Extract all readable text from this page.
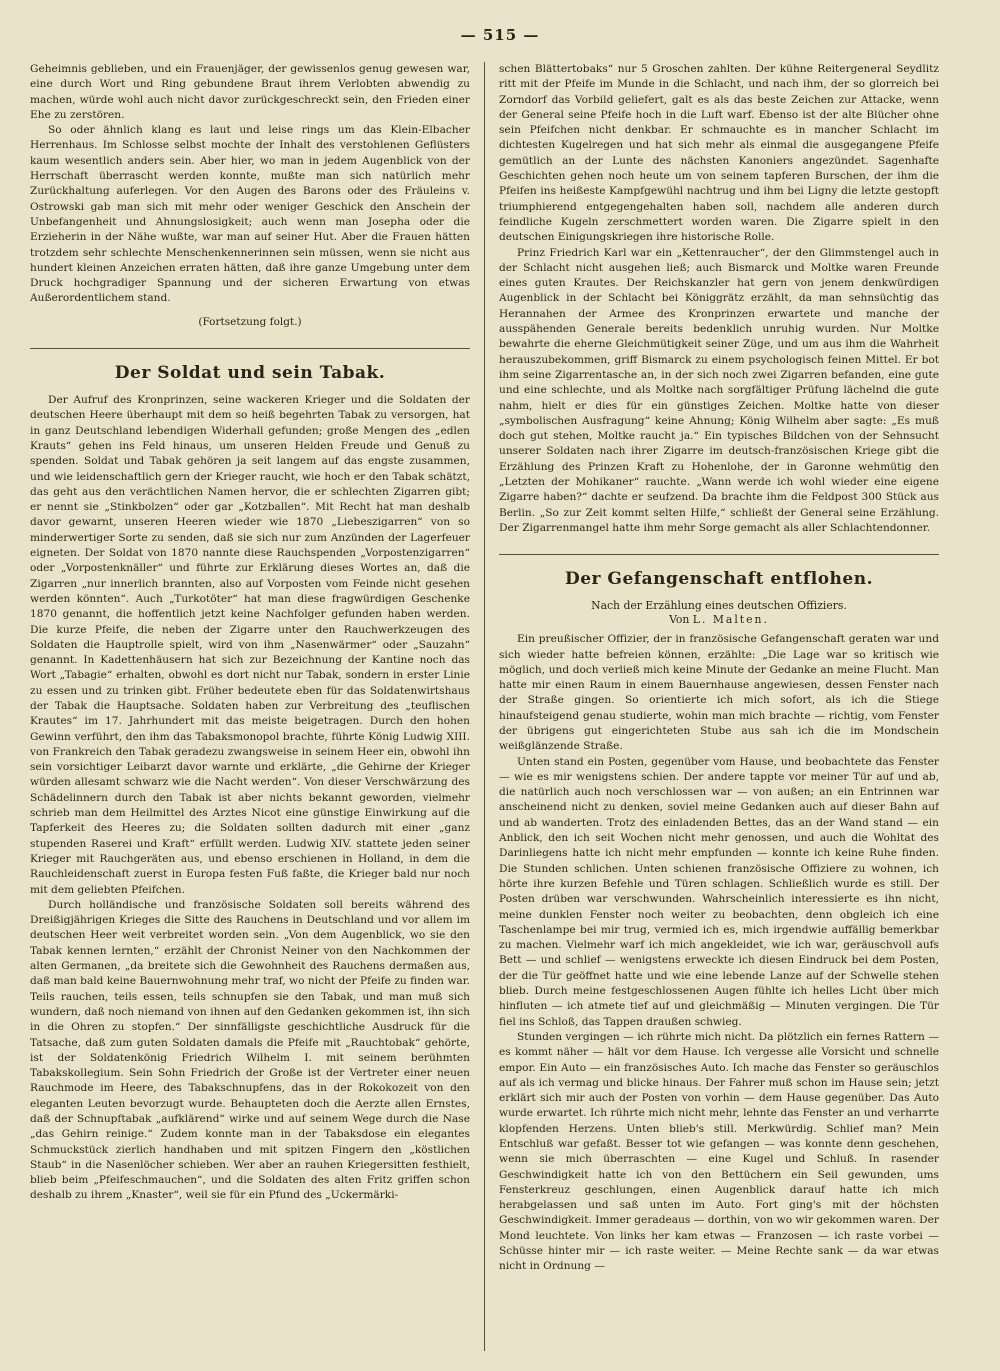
— 515 —

Geheimnis geblieben, und ein Frauenjäger, der gewissenlos genug gewesen war, eine durch Wort und Ring gebundene Braut ihrem Verlobten abwendig zu machen, würde wohl auch nicht davor zurückgeschreckt sein, den Frieden einer Ehe zu zerstören.

So oder ähnlich klang es laut und leise rings um das Klein-Elbacher Herrenhaus. Im Schlosse selbst mochte der Inhalt des verstohlenen Geflüsters kaum wesentlich anders sein. Aber hier, wo man in jedem Augenblick von der Herrschaft überrascht werden konnte, mußte man sich natürlich mehr Zurückhaltung auferlegen. Vor den Augen des Barons oder des Fräuleins v. Ostrowski gab man sich mit mehr oder weniger Geschick den Anschein der Unbefangenheit und Ahnungslosigkeit; auch wenn man Josepha oder die Erzieherin in der Nähe wußte, war man auf seiner Hut. Aber die Frauen hätten trotzdem sehr schlechte Menschenkennerinnen sein müssen, wenn sie nicht aus hundert kleinen Anzeichen erraten hätten, daß ihre ganze Umgebung unter dem Druck hochgradiger Spannung und der sicheren Erwartung von etwas Außerordentlichem stand.

(Fortsetzung folgt.)

Der Soldat und sein Tabak.

Der Aufruf des Kronprinzen, seine wackeren Krieger und die Soldaten der deutschen Heere überhaupt mit dem so heiß begehrten Tabak zu versorgen, hat in ganz Deutschland lebendigen Widerhall gefunden; große Mengen des „edlen Krauts“ gehen ins Feld hinaus, um unseren Helden Freude und Genuß zu spenden. Soldat und Tabak gehören ja seit langem auf das engste zusammen, und wie leidenschaftlich gern der Krieger raucht, wie hoch er den Tabak schätzt, das geht aus den verächtlichen Namen hervor, die er schlechten Zigarren gibt; er nennt sie „Stinkbolzen“ oder gar „Kotzballen“. Mit Recht hat man deshalb davor gewarnt, unseren Heeren wieder wie 1870 „Liebeszigarren“ von so minderwertiger Sorte zu senden, daß sie sich nur zum Anzünden der Lagerfeuer eigneten. Der Soldat von 1870 nannte diese Rauchspenden „Vorpostenzigarren“ oder „Vorpostenknäller“ und führte zur Erklärung dieses Wortes an, daß die Zigarren „nur innerlich brannten, also auf Vorposten vom Feinde nicht gesehen werden könnten“. Auch „Turkotöter“ hat man diese fragwürdigen Geschenke 1870 genannt, die hoffentlich jetzt keine Nachfolger gefunden haben werden. Die kurze Pfeife, die neben der Zigarre unter den Rauchwerkzeugen des Soldaten die Hauptrolle spielt, wird von ihm „Nasenwärmer“ oder „Sauzahn“ genannt. In Kadettenhäusern hat sich zur Bezeichnung der Kantine noch das Wort „Tabagie“ erhalten, obwohl es dort nicht nur Tabak, sondern in erster Linie zu essen und zu trinken gibt. Früher bedeutete eben für das Soldatenwirtshaus der Tabak die Hauptsache. Soldaten haben zur Verbreitung des „teuflischen Krautes“ im 17. Jahrhundert mit das meiste beigetragen. Durch den hohen Gewinn verführt, den ihm das Tabaksmonopol brachte, führte König Ludwig XIII. von Frankreich den Tabak geradezu zwangsweise in seinem Heer ein, obwohl ihn sein vorsichtiger Leibarzt davor warnte und erklärte, „die Gehirne der Krieger würden allesamt schwarz wie die Nacht werden“. Von dieser Verschwärzung des Schädelinnern durch den Tabak ist aber nichts bekannt geworden, vielmehr schrieb man dem Heilmittel des Arztes Nicot eine günstige Einwirkung auf die Tapferkeit des Heeres zu; die Soldaten sollten dadurch mit einer „ganz stupenden Raserei und Kraft“ erfüllt werden. Ludwig XIV. stattete jeden seiner Krieger mit Rauchgeräten aus, und ebenso erschienen in Holland, in dem die Rauchleidenschaft zuerst in Europa festen Fuß faßte, die Krieger bald nur noch mit dem geliebten Pfeifchen.

Durch holländische und französische Soldaten soll bereits während des Dreißigjährigen Krieges die Sitte des Rauchens in Deutschland und vor allem im deutschen Heer weit verbreitet worden sein. „Von dem Augenblick, wo sie den Tabak kennen lernten,“ erzählt der Chronist Neiner von den Nachkommen der alten Germanen, „da breitete sich die Gewohnheit des Rauchens dermaßen aus, daß man bald keine Bauernwohnung mehr traf, wo nicht der Pfeife zu finden war. Teils rauchen, teils essen, teils schnupfen sie den Tabak, und man muß sich wundern, daß noch niemand von ihnen auf den Gedanken gekommen ist, ihn sich in die Ohren zu stopfen.“ Der sinnfälligste geschichtliche Ausdruck für die Tatsache, daß zum guten Soldaten damals die Pfeife mit „Rauchtobak“ gehörte, ist der Soldatenkönig Friedrich Wilhelm I. mit seinem berühmten Tabakskollegium. Sein Sohn Friedrich der Große ist der Vertreter einer neuen Rauchmode im Heere, des Tabakschnupfens, das in der Rokokozeit von den eleganten Leuten bevorzugt wurde. Behaupteten doch die Aerzte allen Ernstes, daß der Schnupftabak „aufklärend“ wirke und auf seinem Wege durch die Nase „das Gehirn reinige.“ Zudem konnte man in der Tabaksdose ein elegantes Schmuckstück zierlich handhaben und mit spitzen Fingern den „köstlichen Staub“ in die Nasenlöcher schieben. Wer aber an rauhen Kriegersitten festhielt, blieb beim „Pfeifeschmauchen“, und die Soldaten des alten Fritz griffen schon deshalb zu ihrem „Knaster“, weil sie für ein Pfund des „Uckermärki-

schen Blättertobaks“ nur 5 Groschen zahlten. Der kühne Reitergeneral Seydlitz ritt mit der Pfeife im Munde in die Schlacht, und nach ihm, der so glorreich bei Zorndorf das Vorbild geliefert, galt es als das beste Zeichen zur Attacke, wenn der General seine Pfeife hoch in die Luft warf. Ebenso ist der alte Blücher ohne sein Pfeifchen nicht denkbar. Er schmauchte es in mancher Schlacht im dichtesten Kugelregen und hat sich mehr als einmal die ausgegangene Pfeife gemütlich an der Lunte des nächsten Kanoniers angezündet. Sagenhafte Geschichten gehen noch heute um von seinem tapferen Burschen, der ihm die Pfeifen ins heißeste Kampfgewühl nachtrug und ihm bei Ligny die letzte gestopft triumphierend entgegengehalten haben soll, nachdem alle anderen durch feindliche Kugeln zerschmettert worden waren. Die Zigarre spielt in den deutschen Einigungskriegen ihre historische Rolle.

Prinz Friedrich Karl war ein „Kettenraucher“, der den Glimmstengel auch in der Schlacht nicht ausgehen ließ; auch Bismarck und Moltke waren Freunde eines guten Krautes. Der Reichskanzler hat gern von jenem denkwürdigen Augenblick in der Schlacht bei Königgrätz erzählt, da man sehnsüchtig das Herannahen der Armee des Kronprinzen erwartete und manche der ausspähenden Generale bereits bedenklich unruhig wurden. Nur Moltke bewahrte die eherne Gleichmütigkeit seiner Züge, und um aus ihm die Wahrheit herauszubekommen, griff Bismarck zu einem psychologisch feinen Mittel. Er bot ihm seine Zigarrentasche an, in der sich noch zwei Zigarren befanden, eine gute und eine schlechte, und als Moltke nach sorgfältiger Prüfung lächelnd die gute nahm, hielt er dies für ein günstiges Zeichen. Moltke hatte von dieser „symbolischen Ausfragung“ keine Ahnung; König Wilhelm aber sagte: „Es muß doch gut stehen, Moltke raucht ja.“ Ein typisches Bildchen von der Sehnsucht unserer Soldaten nach ihrer Zigarre im deutsch-französischen Kriege gibt die Erzählung des Prinzen Kraft zu Hohenlohe, der in Garonne wehmütig den „Letzten der Mohikaner“ rauchte. „Wann werde ich wohl wieder eine eigene Zigarre haben?“ dachte er seufzend. Da brachte ihm die Feldpost 300 Stück aus Berlin. „So zur Zeit kommt selten Hilfe,“ schließt der General seine Erzählung. Der Zigarrenmangel hatte ihm mehr Sorge gemacht als aller Schlachtendonner.

Der Gefangenschaft entflohen.
Nach der Erzählung eines deutschen Offiziers.
Von L. Malten.

Ein preußischer Offizier, der in französische Gefangenschaft geraten war und sich wieder hatte befreien können, erzählte: „Die Lage war so kritisch wie möglich, und doch verließ mich keine Minute der Gedanke an meine Flucht. Man hatte mir einen Raum in einem Bauernhause angewiesen, dessen Fenster nach der Straße gingen. So orientierte ich mich sofort, als ich die Stiege hinaufsteigend genau studierte, wohin man mich brachte — richtig, vom Fenster der übrigens gut eingerichteten Stube aus sah ich die im Mondschein weißglänzende Straße.

Unten stand ein Posten, gegenüber vom Hause, und beobachtete das Fenster — wie es mir wenigstens schien. Der andere tappte vor meiner Tür auf und ab, die natürlich auch noch verschlossen war — von außen; an ein Entrinnen war anscheinend nicht zu denken, soviel meine Gedanken auch auf dieser Bahn auf und ab wanderten. Trotz des einladenden Bettes, das an der Wand stand — ein Anblick, den ich seit Wochen nicht mehr genossen, und auch die Wohltat des Darinliegens hatte ich nicht mehr empfunden — konnte ich keine Ruhe finden. Die Stunden schlichen. Unten schienen französische Offiziere zu wohnen, ich hörte ihre kurzen Befehle und Türen schlagen. Schließlich wurde es still. Der Posten drüben war verschwunden. Wahrscheinlich interessierte es ihn nicht, meine dunklen Fenster noch weiter zu beobachten, denn obgleich ich eine Taschenlampe bei mir trug, vermied ich es, mich irgendwie auffällig bemerkbar zu machen. Vielmehr warf ich mich angekleidet, wie ich war, geräuschvoll aufs Bett — und schlief — wenigstens erweckte ich diesen Eindruck bei dem Posten, der die Tür geöffnet hatte und wie eine lebende Lanze auf der Schwelle stehen blieb. Durch meine festgeschlossenen Augen fühlte ich helles Licht über mich hinfluten — ich atmete tief auf und gleichmäßig — Minuten vergingen. Die Tür fiel ins Schloß, das Tappen draußen schwieg.

Stunden vergingen — ich rührte mich nicht. Da plötzlich ein fernes Rattern — es kommt näher — hält vor dem Hause. Ich vergesse alle Vorsicht und schnelle empor. Ein Auto — ein französisches Auto. Ich mache das Fenster so geräuschlos auf als ich vermag und blicke hinaus. Der Fahrer muß schon im Hause sein; jetzt erklärt sich mir auch der Posten von vorhin — dem Hause gegenüber. Das Auto wurde erwartet. Ich rührte mich nicht mehr, lehnte das Fenster an und verharrte klopfenden Herzens. Unten blieb's still. Merkwürdig. Schlief man? Mein Entschluß war gefaßt. Besser tot wie gefangen — was konnte denn geschehen, wenn sie mich überraschten — eine Kugel und Schluß. In rasender Geschwindigkeit hatte ich von den Bettüchern ein Seil gewunden, ums Fensterkreuz geschlungen, einen Augenblick darauf hatte ich mich herabgelassen und saß unten im Auto. Fort ging's mit der höchsten Geschwindigkeit. Immer geradeaus — dorthin, von wo wir gekommen waren. Der Mond leuchtete. Von links her kam etwas — Franzosen — ich raste vorbei — Schüsse hinter mir — ich raste weiter. — Meine Rechte sank — da war etwas nicht in Ordnung —
